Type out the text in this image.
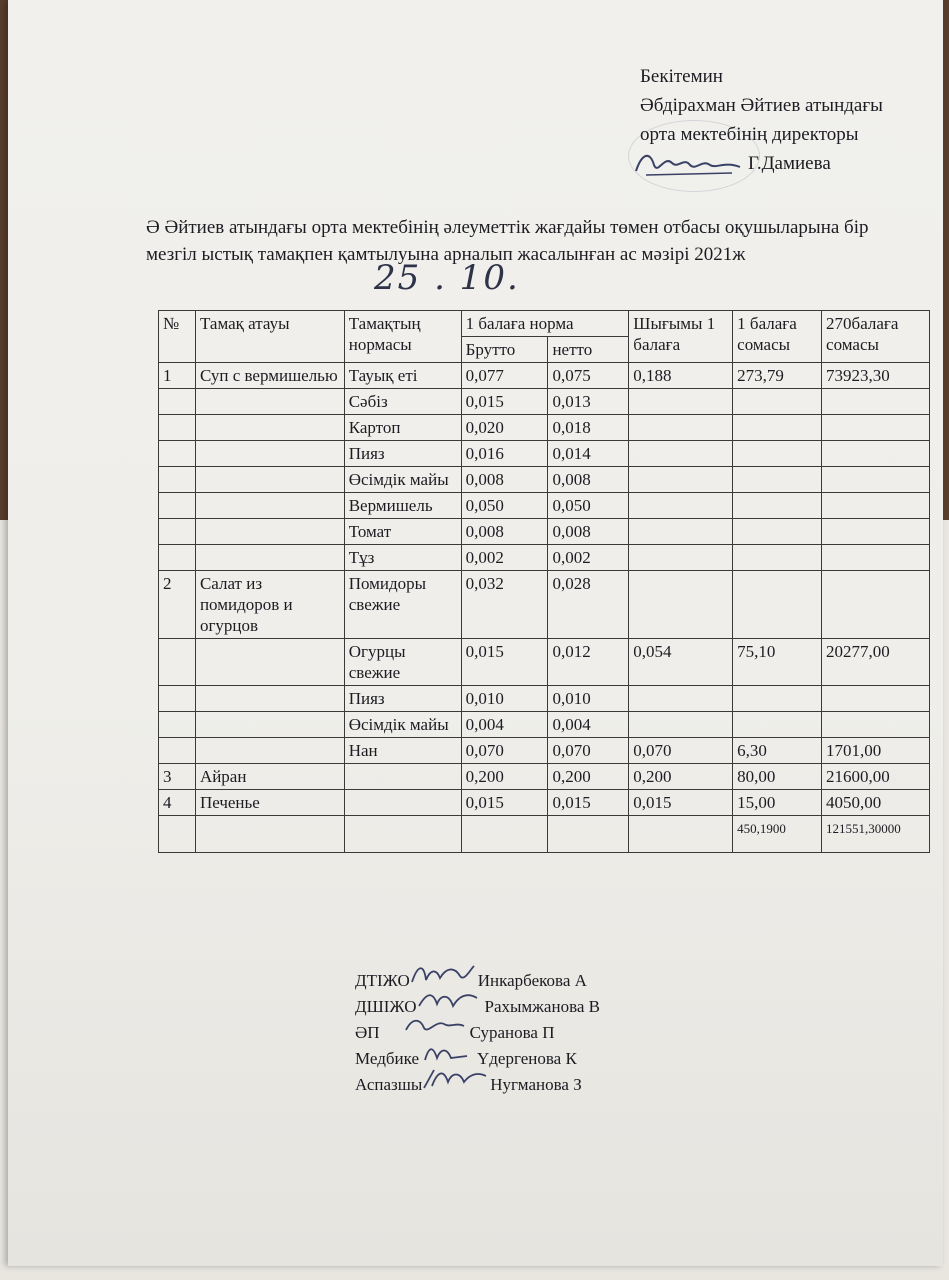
Бекітемин
Әбдірахман Әйтиев атындағы
орта мектебінің директоры
Г.Дамиева
Ә Әйтиев атындағы орта мектебінің әлеуметтік жағдайы төмен отбасы оқушыларына бір мезгіл ыстық тамақпен қамтылуына арналып жасалынған ас мәзірі 2021ж
25 . 10.
№	Тамақ атауы	Тамақтың нормасы	1 балаға норма		Шығымы 1 балаға	1 балаға сомасы	270балаға сомасы
			Брутто	нетто			
1	Суп с вермишелью	Тауық еті	0,077	0,075	0,188	273,79	73923,30
		Сәбіз	0,015	0,013			
		Картоп	0,020	0,018			
		Пияз	0,016	0,014			
		Өсімдік майы	0,008	0,008			
		Вермишель	0,050	0,050			
		Томат	0,008	0,008			
		Тұз	0,002	0,002			
2	Салат из помидоров и огурцов	Помидоры свежие	0,032	0,028			
		Огурцы свежие	0,015	0,012	0,054	75,10	20277,00
		Пияз	0,010	0,010			
		Өсімдік майы	0,004	0,004			
		Нан	0,070	0,070	0,070	6,30	1701,00
3	Айран		0,200	0,200	0,200	80,00	21600,00
4	Печенье		0,015	0,015	0,015	15,00	4050,00
						450,1900	121551,30000
ДТІЖО	Инкарбекова А
ДШІЖО	Рахымжанова В
ӘП	Суранова П
Медбике	Үдергенова К
Аспазшы	Нугманова З
